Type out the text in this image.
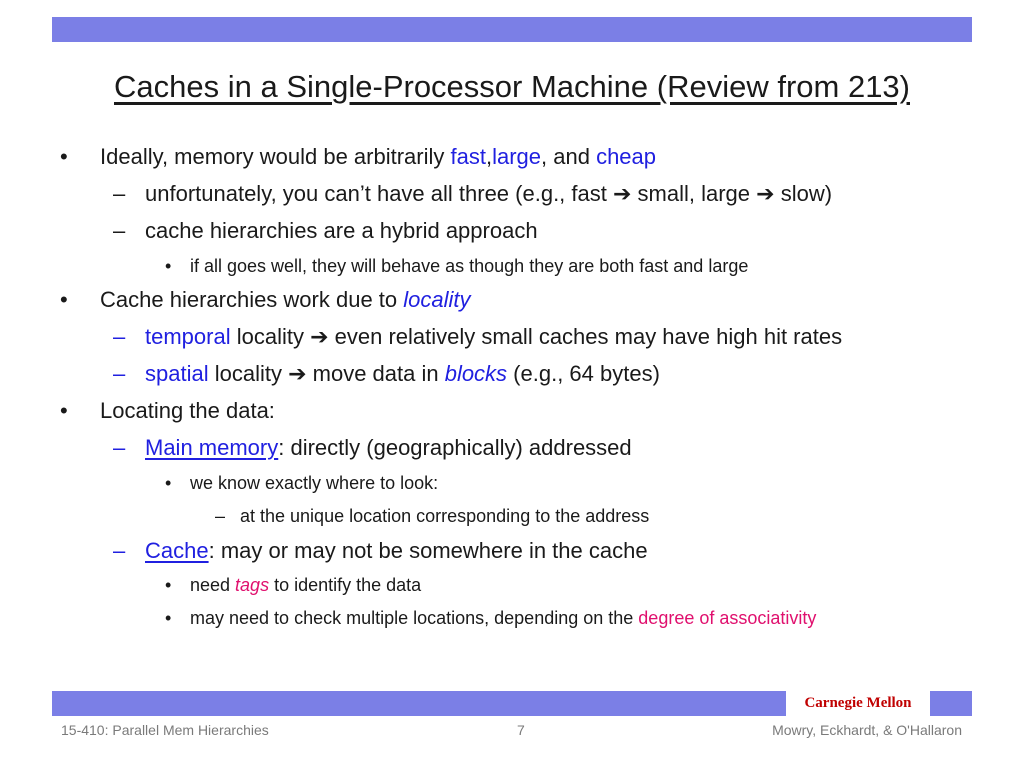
Caches in a Single-Processor Machine (Review from 213)
• Ideally, memory would be arbitrarily fast,large, and cheap
– unfortunately, you can’t have all three (e.g., fast ➔ small, large ➔ slow)
– cache hierarchies are a hybrid approach
• if all goes well, they will behave as though they are both fast and large
• Cache hierarchies work due to locality
– temporal locality ➔ even relatively small caches may have high hit rates
– spatial locality ➔ move data in blocks (e.g., 64 bytes)
• Locating the data:
– Main memory: directly (geographically) addressed
• we know exactly where to look:
– at the unique location corresponding to the address
– Cache: may or may not be somewhere in the cache
• need tags to identify the data
• may need to check multiple locations, depending on the degree of associativity
Carnegie Mellon
15-410: Parallel Mem Hierarchies	7	Mowry, Eckhardt, & O'Hallaron
